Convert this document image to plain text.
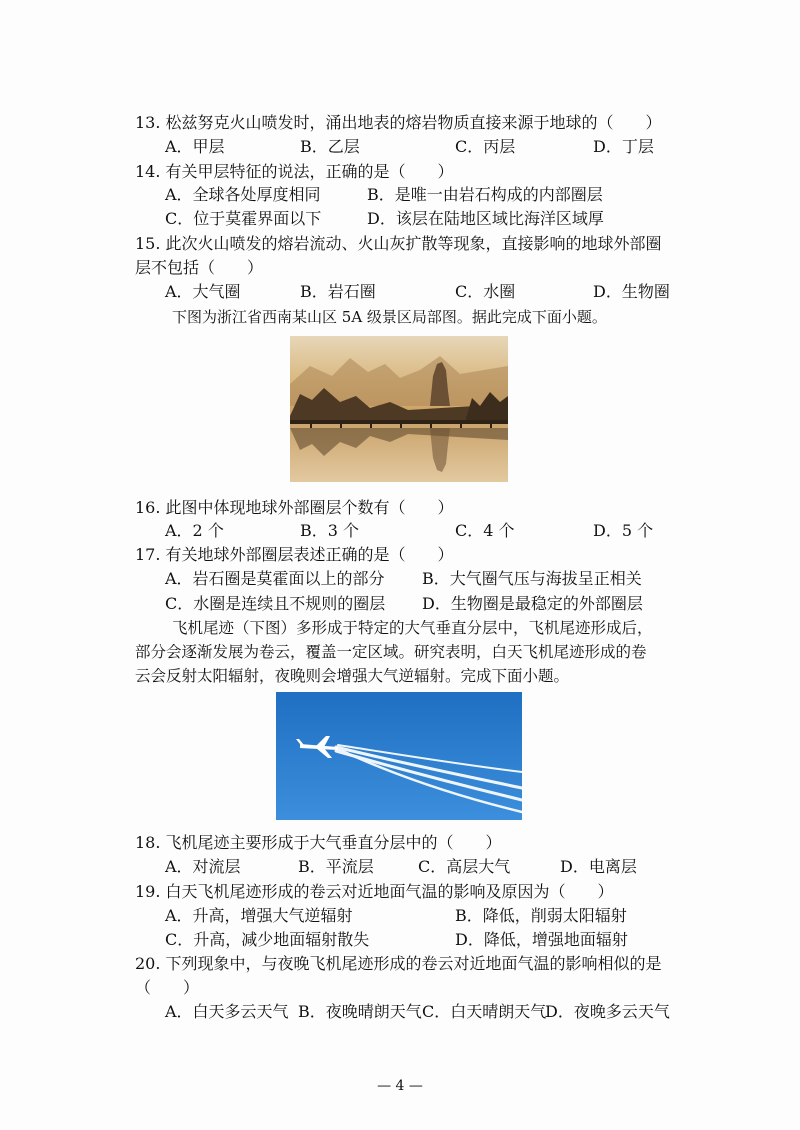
13. 松兹努克火山喷发时，涌出地表的熔岩物质直接来源于地球的（　　）
A．甲层	B．乙层	C．丙层	D．丁层
14. 有关甲层特征的说法，正确的是（　　）
A．全球各处厚度相同	B．是唯一由岩石构成的内部圈层
C．位于莫霍界面以下	D．该层在陆地区域比海洋区域厚
15. 此次火山喷发的熔岩流动、火山灰扩散等现象，直接影响的地球外部圈
层不包括（　　）
A．大气圈	B．岩石圈	C．水圈	D．生物圈
下图为浙江省西南某山区 5A 级景区局部图。据此完成下面小题。
16. 此图中体现地球外部圈层个数有（　　）
A．2 个	B．3 个	C．4 个	D．5 个
17. 有关地球外部圈层表述正确的是（　　）
A．岩石圈是莫霍面以上的部分 B．大气圈气压与海拔呈正相关
C．水圈是连续且不规则的圈层 D．生物圈是最稳定的外部圈层
飞机尾迹（下图）多形成于特定的大气垂直分层中，飞机尾迹形成后，
部分会逐渐发展为卷云，覆盖一定区域。研究表明，白天飞机尾迹形成的卷
云会反射太阳辐射，夜晚则会增强大气逆辐射。完成下面小题。
18. 飞机尾迹主要形成于大气垂直分层中的（　　）
A．对流层	B．平流层	C．高层大气	D．电离层
19. 白天飞机尾迹形成的卷云对近地面气温的影响及原因为（　　）
A．升高，增强大气逆辐射	B．降低，削弱太阳辐射
C．升高，减少地面辐射散失	D．降低，增强地面辐射
20. 下列现象中，与夜晚飞机尾迹形成的卷云对近地面气温的影响相似的是
（　　）
A．白天多云天气 B．夜晚晴朗天气 C．白天晴朗天气
D．夜晚多云天气
— 4 —
